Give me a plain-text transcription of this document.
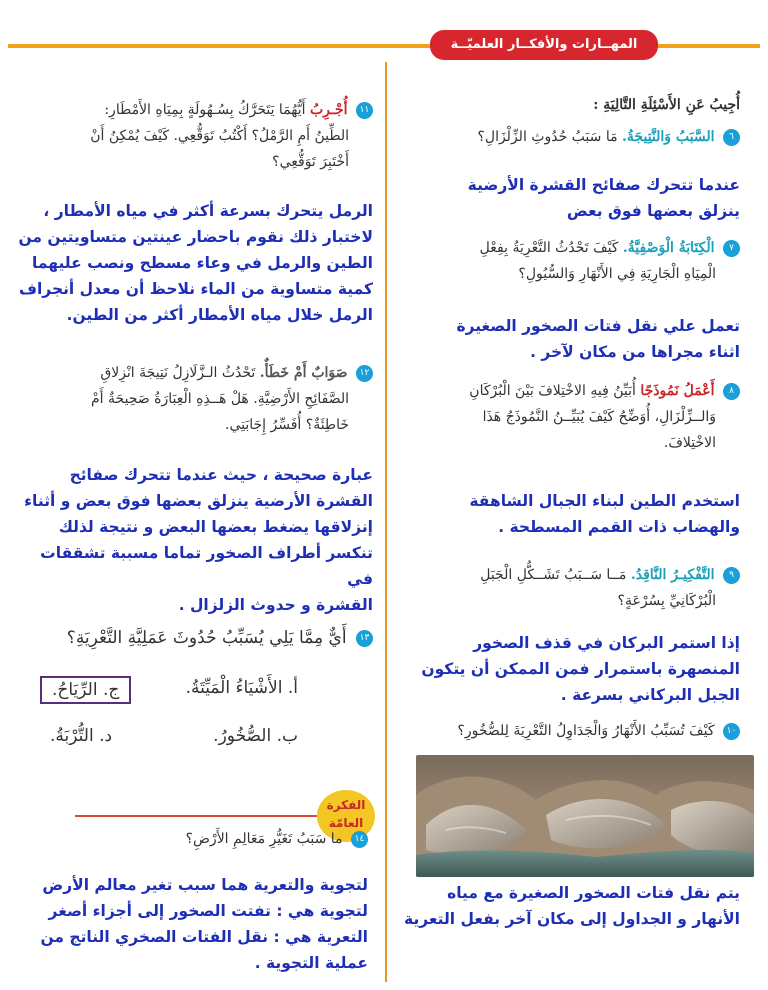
المهــارات والأفكــار العلميّــة
أُجِيبُ عَنِ الأَسْئِلَةِ التَّالِيَةِ :
٦ السَّبَبُ وَالنَّتِيجَةُ. مَا سَبَبُ حُدُوثِ الزِّلْزَالِ؟
عندما تتحرك صفائح القشرة الأرضية
ينزلق بعضها فوق بعض
٧ الْكِتَابَةُ الْوَصْفِيَّةُ. كَيْفَ تَحْدُثُ التَّعْرِيَةُ بِفِعْلِ
الْمِيَاهِ الْجَارِيَةِ فِي الأَنْهَارِ وَالسُّيُولِ؟
تعمل علي نقل فتات الصخور الصغيرة
اثناء مجراها من مكان لآخر .
٨ أَعْمَلُ نَمُوذَجًا أُبَيِّنُ فِيهِ الاخْتِلافَ بَيْنَ الْبُرْكَانِ
وَالــزِّلْزَالِ، أُوَضِّحُ كَيْفَ يُبَيِّــنُ النَّمُوذَجُ هَذَا
الاخْتِلافَ.
استخدم الطين لبناء الجبال الشاهقة
والهضاب ذات القمم المسطحة .
٩ التَّفْكِيـرُ النَّاقِدُ. مَــا سَــبَبُ تَشَــكُّلِ الْجَبَلِ
الْبُرْكَانِيِّ بِسُرْعَةٍ؟
إذا استمر البركان في قذف الصخور
المنصهرة باستمرار فمن الممكن أن يتكون
الجبل البركاني بسرعة .
١٠ كَيْفَ تُسَبِّبُ الأَنْهَارُ وَالْجَدَاوِلُ التَّعْرِيَةَ لِلصُّخُورِ؟
يتم نقل فتات الصخور الصغيرة مع مياه
الأنهار و الجداول إلى مكان آخر بفعل التعرية
١١ أُجْـرِبُ أَيُّهُمَا يَتَحَرَّكُ بِسُـهُولَةٍ بِمِيَاهِ الأَمْطَارِ:
الطِّينُ أَمِ الرَّمْلُ؟ أَكْتُبُ تَوَقُّعِي. كَيْفَ يُمْكِنُ أَنْ
أَخْتَبِرَ تَوَقُّعِي؟
الرمل يتحرك بسرعة أكثر في مياه الأمطار ،
لاختبار ذلك نقوم باحضار عينتين متساويتين من
الطين والرمل في وعاء مسطح ونصب عليهما
كمية متساوية من الماء نلاحظ أن معدل أنجراف
الرمل خلال مياه الأمطار أكثر من الطين.
١٢ صَوَابٌ أَمْ خَطَأٌ. تَحْدُثُ الـزَّلَازِلُ نَتِيجَةَ انْزِلاقِ
الصَّفَائِحِ الأَرْضِيَّةِ. هَلْ هَــذِهِ الْعِبَارَةُ صَحِيحَةٌ أَمْ
خَاطِئَةٌ؟ أُفَسِّرُ إِجَابَتِي.
عبارة صحيحة ، حيث عندما تتحرك صفائح
القشرة الأرضية ينزلق بعضها فوق بعض و أثناء
إنزلاقها يضغط بعضها البعض و نتيجة لذلك
تنكسر أطراف الصخور تماما مسببة تشققات في
القشرة و حدوث الزلزال .
١٣ أَيٌّ مِمَّا يَلِي يُسَبِّبُ حُدُوثَ عَمَلِيَّةِ التَّعْرِيَةِ؟
أ. الأَشْيَاءُ الْمَيِّتَةُ.
ج. الرِّيَاحُ.
ب. الصُّخُورُ.
د. التُّرْبَةُ.
الفكرة
العامّة
١٤ ما سَبَبُ تَغَيُّرِ مَعَالِمِ الأَرْضِ؟
لتجوية والتعرية هما سبب تغير معالم الأرض
لتجوية هي : تفتت الصخور إلى أجزاء أصغر
التعرية هي : نقل الفتات الصخري الناتج من
عملية التجوية .
